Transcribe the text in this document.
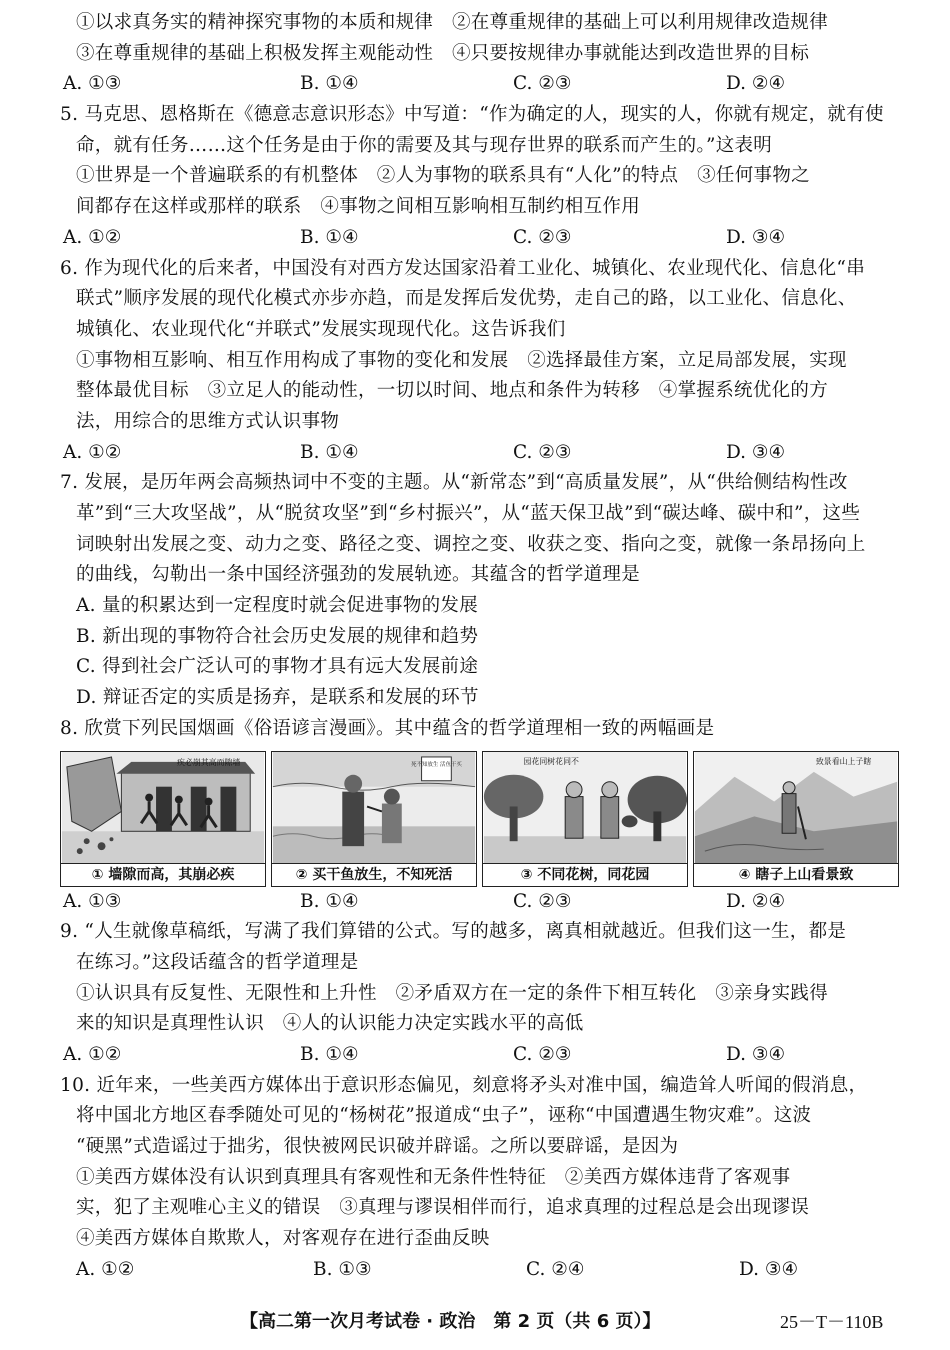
①以求真务实的精神探究事物的本质和规律　②在尊重规律的基础上可以利用规律改造规律
③在尊重规律的基础上积极发挥主观能动性　④只要按规律办事就能达到改造世界的目标
A. ①③	B. ①④	C. ②③	D. ②④
5. 马克思、恩格斯在《德意志意识形态》中写道：“作为确定的人，现实的人，你就有规定，就有使
命，就有任务……这个任务是由于你的需要及其与现存世界的联系而产生的。”这表明
①世界是一个普遍联系的有机整体　②人为事物的联系具有“人化”的特点　③任何事物之
间都存在这样或那样的联系　④事物之间相互影响相互制约相互作用
A. ①②	B. ①④	C. ②③	D. ③④
6. 作为现代化的后来者，中国没有对西方发达国家沿着工业化、城镇化、农业现代化、信息化“串
联式”顺序发展的现代化模式亦步亦趋，而是发挥后发优势，走自己的路，以工业化、信息化、
城镇化、农业现代化“并联式”发展实现现代化。这告诉我们
①事物相互影响、相互作用构成了事物的变化和发展　②选择最佳方案，立足局部发展，实现
整体最优目标　③立足人的能动性，一切以时间、地点和条件为转移　④掌握系统优化的方
法，用综合的思维方式认识事物
A. ①②	B. ①④	C. ②③	D. ③④
7. 发展，是历年两会高频热词中不变的主题。从“新常态”到“高质量发展”，从“供给侧结构性改
革”到“三大攻坚战”，从“脱贫攻坚”到“乡村振兴”，从“蓝天保卫战”到“碳达峰、碳中和”，这些
词映射出发展之变、动力之变、路径之变、调控之变、收获之变、指向之变，就像一条昂扬向上
的曲线，勾勒出一条中国经济强劲的发展轨迹。其蕴含的哲学道理是
A. 量的积累达到一定程度时就会促进事物的发展
B. 新出现的事物符合社会历史发展的规律和趋势
C. 得到社会广泛认可的事物才具有远大发展前途
D. 辩证否定的实质是扬弃，是联系和发展的环节
8. 欣赏下列民国烟画《俗语谚言漫画》。其中蕴含的哲学道理相一致的两幅画是
疾必崩其高而隙墙
① 墙隙而高，其崩必疾
死不知放生 活鱼干买
② 买干鱼放生，不知死活
园花同树花同不
③ 不同花树，同花园
致景看山上子瞎
④ 瞎子上山看景致
A. ①③	B. ①④	C. ②③	D. ②④
9. “人生就像草稿纸，写满了我们算错的公式。写的越多，离真相就越近。但我们这一生，都是
在练习。”这段话蕴含的哲学道理是
①认识具有反复性、无限性和上升性　②矛盾双方在一定的条件下相互转化　③亲身实践得
来的知识是真理性认识　④人的认识能力决定实践水平的高低
A. ①②	B. ①④	C. ②③	D. ③④
10. 近年来，一些美西方媒体出于意识形态偏见，刻意将矛头对准中国，编造耸人听闻的假消息，
将中国北方地区春季随处可见的“杨树花”报道成“虫子”，诬称“中国遭遇生物灾难”。这波
“硬黑”式造谣过于拙劣，很快被网民识破并辟谣。之所以要辟谣，是因为
①美西方媒体没有认识到真理具有客观性和无条件性特征　②美西方媒体违背了客观事
实，犯了主观唯心主义的错误　③真理与谬误相伴而行，追求真理的过程总是会出现谬误
④美西方媒体自欺欺人，对客观存在进行歪曲反映
A. ①②	B. ①③	C. ②④	D. ③④
【高二第一次月考试卷 · 政治　第 2 页（共 6 页）】	25－T－110B
